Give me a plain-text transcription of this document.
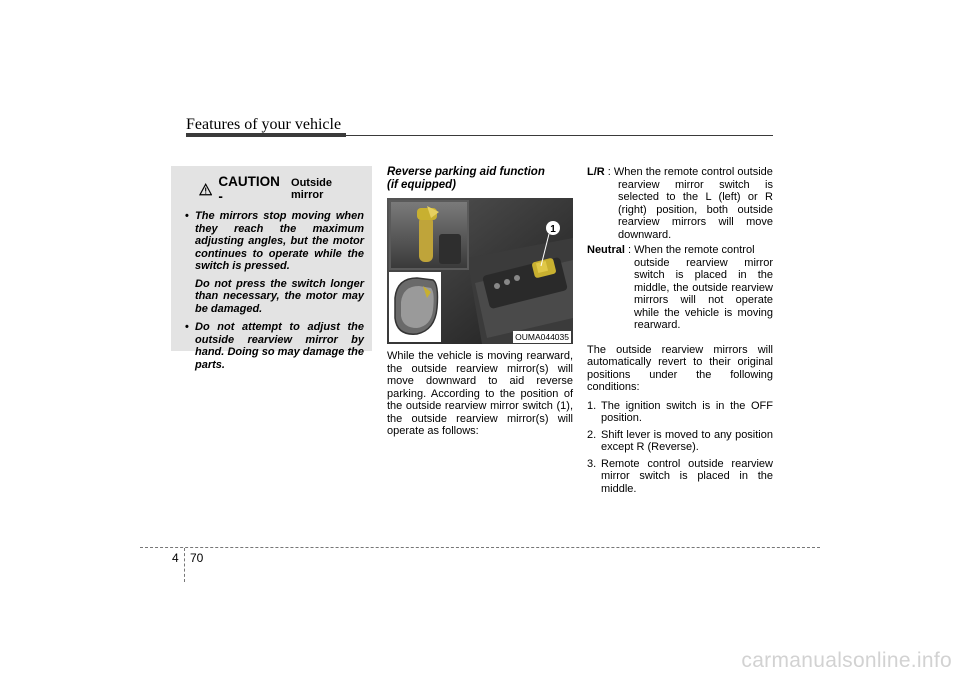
Features of your vehicle
CAUTION -
Outside mirror

• The mirrors stop moving when they reach the maximum adjusting angles, but the motor continues to operate while the switch is pressed.

Do not press the switch longer than necessary, the motor may be damaged.

• Do not attempt to adjust the outside rearview mirror by hand. Doing so may damage the parts.

Reverse parking aid function
(if equipped)
1
OUMA044035

While the vehicle is moving rearward, the outside rearview mirror(s) will move downward to aid reverse parking. According to the position of the outside rearview mirror switch (1), the outside rearview mirror(s) will operate as follows:

L/R : When the remote control outside
rearview mirror switch is selected to the L (left) or R (right) position, both outside rearview mirrors will move downward.
Neutral : When the remote control
outside rearview mirror switch is placed in the middle, the outside rearview mirrors will not operate while the vehicle is moving rearward.

The outside rearview mirrors will automatically revert to their original positions under the following conditions:

1. The ignition switch is in the OFF position.
2. Shift lever is moved to any position except R (Reverse).
3. Remote control outside rearview mirror switch is placed in the middle.
4 70
carmanualsonline.info
